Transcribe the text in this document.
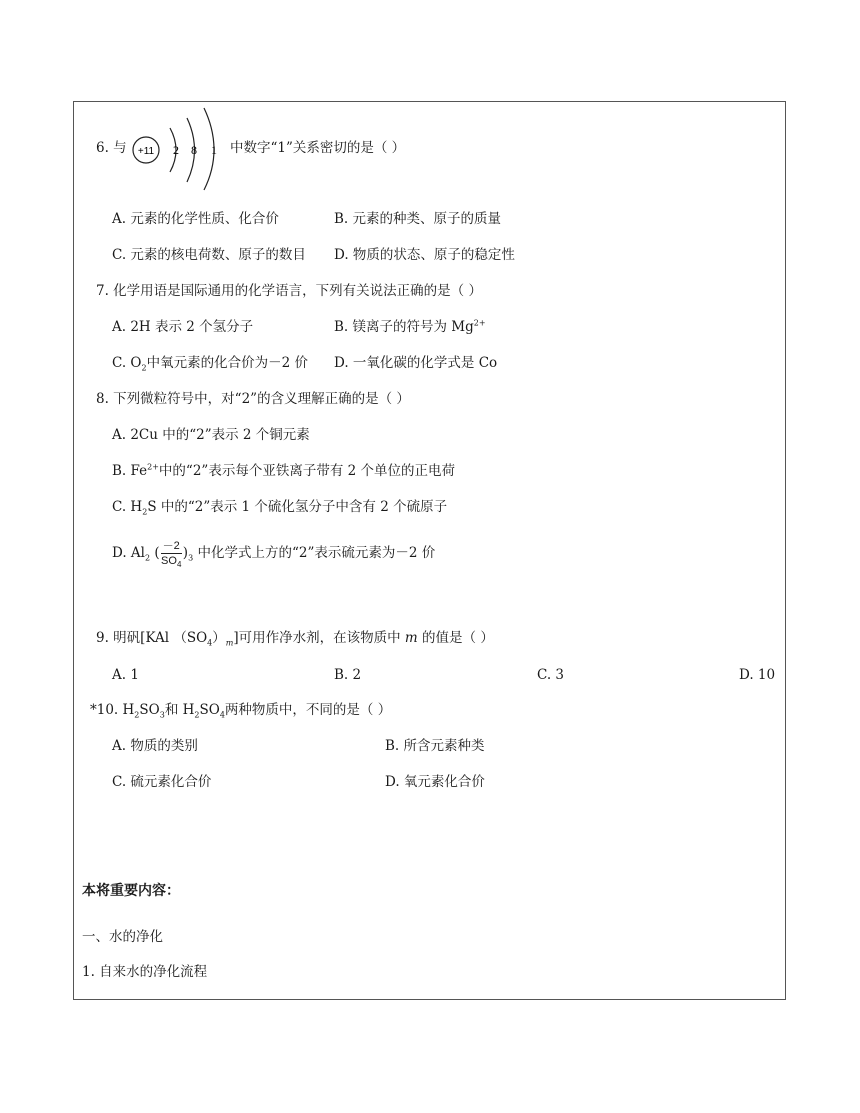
6. 与 +11 2 8 1 中数字“1”关系密切的是（ ）
A. 元素的化学性质、化合价	B. 元素的种类、原子的质量
C. 元素的核电荷数、原子的数目 D. 物质的状态、原子的稳定性
7. 化学用语是国际通用的化学语言，下列有关说法正确的是（ ）
A. 2H 表示 2 个氢分子	B. 镁离子的符号为 $Mg^{2+}$
C. $O_2$中氧元素的化合价为－2 价 D. 一氧化碳的化学式是 Co
8. 下列微粒符号中，对“2”的含义理解正确的是（ ）
A. 2Cu 中的“2”表示 2 个铜元素
B. $Fe^{2+}$中的“2”表示每个亚铁离子带有 2 个单位的正电荷
C. $H_2S$ 中的“2”表示 1 个硫化氢分子中含有 2 个硫原子
D. $Al_2$ ( $\frac{-2}{SO_4} )_3$ 中化学式上方的“2”表示硫元素为－2 价
9. 明矾[KAl $(SO_4)_m$]可用作净水剂，在该物质中 m 的值是（ ）
A. 1	B. 2	C. 3	D. 10
*10. $H_2SO_3$和 $H_2SO_4$两种物质中，不同的是（ ）
A. 物质的类别	B. 所含元素种类
C. 硫元素化合价	D. 氧元素化合价
本将重要内容：
一、水的净化
1. 自来水的净化流程
